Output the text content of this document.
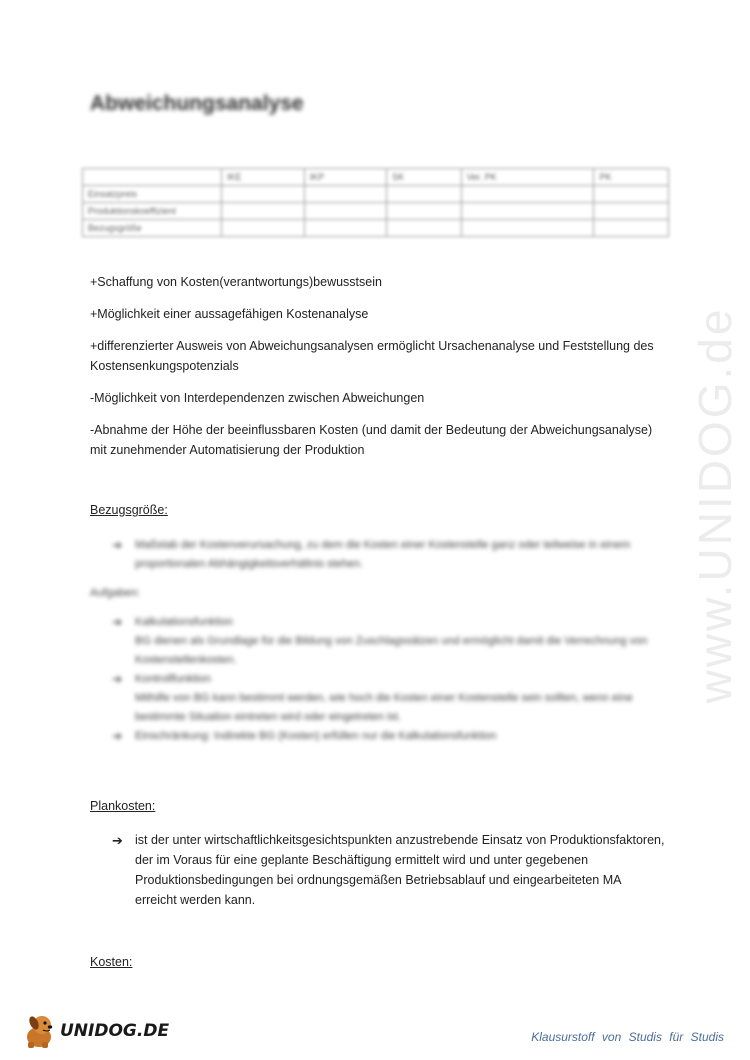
Abweichungsanalyse
	IKE	IKP	SK	Ver. PK	PK
Einsatzpreis					
Produktionskoeffizient					
Bezugsgröße					

+Schaffung von Kosten(verantwortungs)bewusstsein

+Möglichkeit einer aussagefähigen Kostenanalyse

+differenzierter Ausweis von Abweichungsanalysen ermöglicht Ursachenanalyse und Feststellung des Kostensenkungspotenzials

-Möglichkeit von Interdependenzen zwischen Abweichungen

-Abnahme der Höhe der beeinflussbaren Kosten (und damit der Bedeutung der Abweichungsanalyse) mit zunehmender Automatisierung der Produktion

Bezugsgröße:

➔ Maßstab der Kostenverursachung, zu dem die Kosten einer Kostenstelle ganz oder teilweise in einem proportionalen Abhängigkeitsverhältnis stehen.
Aufgaben:
➔ Kalkulationsfunktion
BG dienen als Grundlage für die Bildung von Zuschlagssätzen und ermöglicht damit die Verrechnung von Kostenstellenkosten.
➔ Kontrollfunktion
Mithilfe von BG kann bestimmt werden, wie hoch die Kosten einer Kostenstelle sein sollten, wenn eine bestimmte Situation eintreten wird oder eingetreten ist.
➔ Einschränkung: Indirekte BG (Kosten) erfüllen nur die Kalkulationsfunktion

Plankosten:

➔ ist der unter wirtschaftlichkeitsgesichtspunkten anzustrebende Einsatz von Produktionsfaktoren, der im Voraus für eine geplante Beschäftigung ermittelt wird und unter gegebenen Produktionsbedingungen bei ordnungsgemäßen Betriebsablauf und eingearbeiteten MA erreicht werden kann.

Kosten:

www.UNIDOG.de
UNIDOG.DE	Klausurstoff von Studis für Studis
